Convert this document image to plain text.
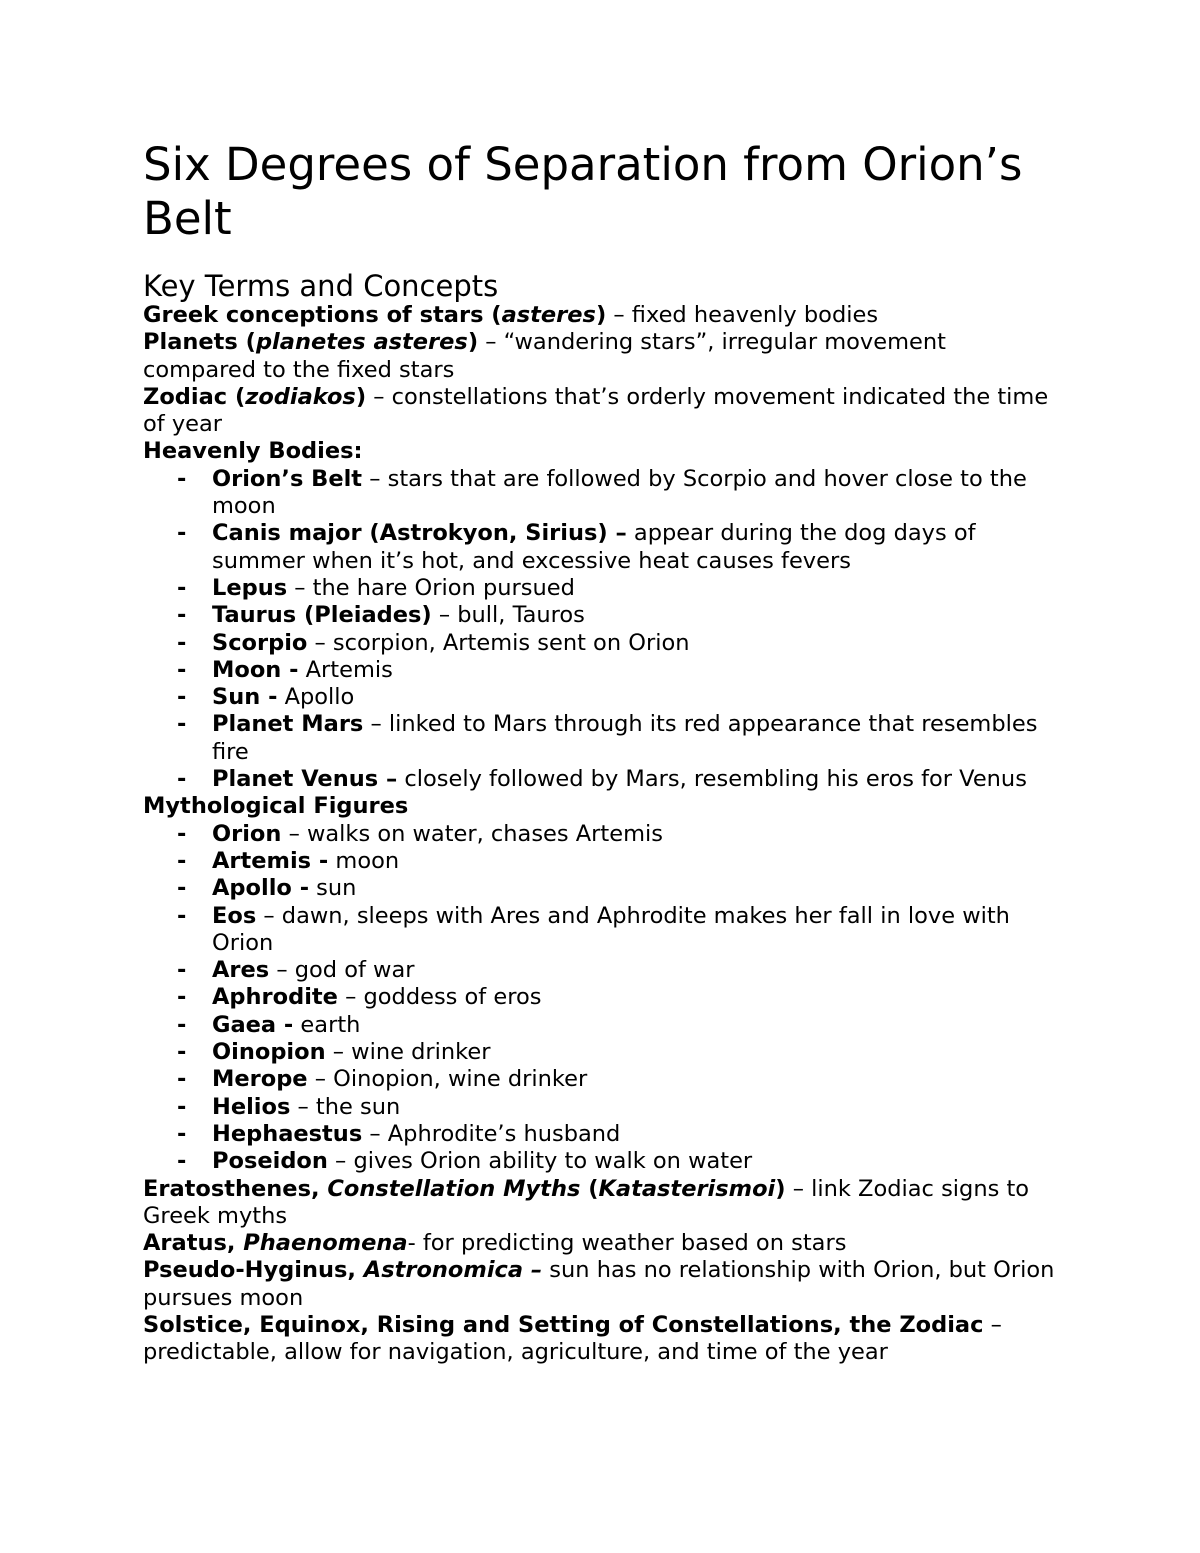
Six Degrees of Separation from Orion’s Belt
Key Terms and Concepts

Greek conceptions of stars (asteres) – fixed heavenly bodies

Planets (planetes asteres) – “wandering stars”, irregular movement compared to the fixed stars

Zodiac (zodiakos) – constellations that’s orderly movement indicated the time of year

Heavenly Bodies:

- Orion’s Belt – stars that are followed by Scorpio and hover close to the moon
- Canis major (Astrokyon, Sirius) – appear during the dog days of summer when it’s hot, and excessive heat causes fevers
- Lepus – the hare Orion pursued
- Taurus (Pleiades) – bull, Tauros
- Scorpio – scorpion, Artemis sent on Orion
- Moon - Artemis
- Sun - Apollo
- Planet Mars – linked to Mars through its red appearance that resembles fire
- Planet Venus – closely followed by Mars, resembling his eros for Venus

Mythological Figures

- Orion – walks on water, chases Artemis
- Artemis - moon
- Apollo - sun
- Eos – dawn, sleeps with Ares and Aphrodite makes her fall in love with Orion
- Ares – god of war
- Aphrodite – goddess of eros
- Gaea - earth
- Oinopion – wine drinker
- Merope – Oinopion, wine drinker
- Helios – the sun
- Hephaestus – Aphrodite’s husband
- Poseidon – gives Orion ability to walk on water

Eratosthenes, Constellation Myths (Katasterismoi) – link Zodiac signs to Greek myths

Aratus, Phaenomena- for predicting weather based on stars

Pseudo-Hyginus, Astronomica – sun has no relationship with Orion, but Orion pursues moon

Solstice, Equinox, Rising and Setting of Constellations, the Zodiac – predictable, allow for navigation, agriculture, and time of the year
